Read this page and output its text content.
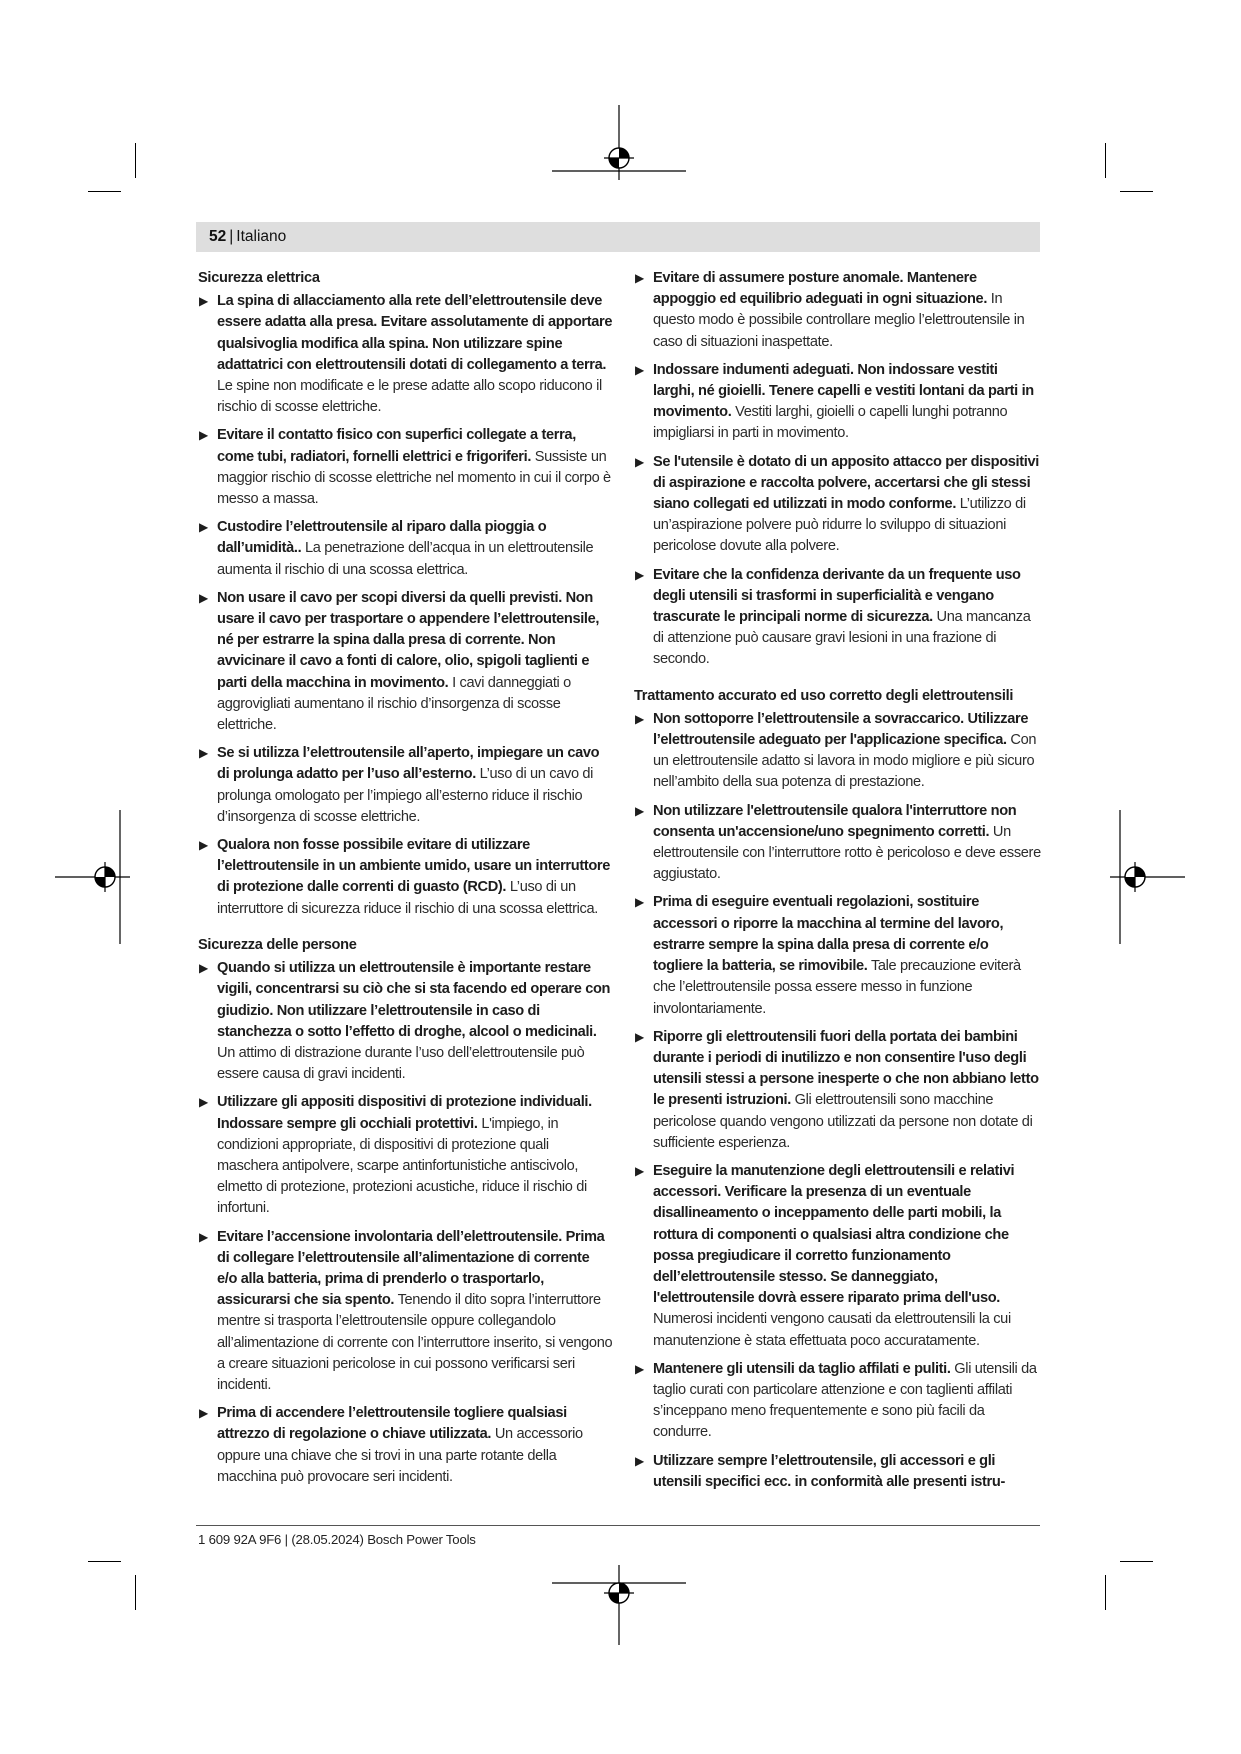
52 | Italiano
Sicurezza elettrica
▶ La spina di allacciamento alla rete dell’elettroutensile deve essere adatta alla presa. Evitare assolutamente di apportare qualsivoglia modifica alla spina. Non utilizzare spine adattatrici con elettroutensili dotati di collegamento a terra. Le spine non modificate e le prese adatte allo scopo riducono il rischio di scosse elettriche.
▶ Evitare il contatto fisico con superfici collegate a terra, come tubi, radiatori, fornelli elettrici e frigoriferi. Sussiste un maggior rischio di scosse elettriche nel momento in cui il corpo è messo a massa.
▶ Custodire l’elettroutensile al riparo dalla pioggia o dall’umidità.. La penetrazione dell’acqua in un elettroutensile aumenta il rischio di una scossa elettrica.
▶ Non usare il cavo per scopi diversi da quelli previsti. Non usare il cavo per trasportare o appendere l’elettroutensile, né per estrarre la spina dalla presa di corrente. Non avvicinare il cavo a fonti di calore, olio, spigoli taglienti e parti della macchina in movimento. I cavi danneggiati o aggrovigliati aumentano il rischio d’insorgenza di scosse elettriche.
▶ Se si utilizza l’elettroutensile all’aperto, impiegare un cavo di prolunga adatto per l’uso all’esterno. L’uso di un cavo di prolunga omologato per l’impiego all’esterno riduce il rischio d’insorgenza di scosse elettriche.
▶ Qualora non fosse possibile evitare di utilizzare l’elettroutensile in un ambiente umido, usare un interruttore di protezione dalle correnti di guasto (RCD). L’uso di un interruttore di sicurezza riduce il rischio di una scossa elettrica.
Sicurezza delle persone
▶ Quando si utilizza un elettroutensile è importante restare vigili, concentrarsi su ciò che si sta facendo ed operare con giudizio. Non utilizzare l’elettroutensile in caso di stanchezza o sotto l’effetto di droghe, alcool o medicinali. Un attimo di distrazione durante l’uso dell’elettroutensile può essere causa di gravi incidenti.
▶ Utilizzare gli appositi dispositivi di protezione individuali. Indossare sempre gli occhiali protettivi. L'impiego, in condizioni appropriate, di dispositivi di protezione quali maschera antipolvere, scarpe antinfortunistiche antiscivolo, elmetto di protezione, protezioni acustiche, riduce il rischio di infortuni.
▶ Evitare l’accensione involontaria dell’elettroutensile. Prima di collegare l’elettroutensile all’alimentazione di corrente e/o alla batteria, prima di prenderlo o trasportarlo, assicurarsi che sia spento. Tenendo il dito sopra l’interruttore mentre si trasporta l’elettroutensile oppure collegandolo all’alimentazione di corrente con l’interruttore inserito, si vengono a creare situazioni pericolose in cui possono verificarsi seri incidenti.
▶ Prima di accendere l’elettroutensile togliere qualsiasi attrezzo di regolazione o chiave utilizzata. Un accessorio oppure una chiave che si trovi in una parte rotante della macchina può provocare seri incidenti.
▶ Evitare di assumere posture anomale. Mantenere appoggio ed equilibrio adeguati in ogni situazione. In questo modo è possibile controllare meglio l’elettroutensile in caso di situazioni inaspettate.
▶ Indossare indumenti adeguati. Non indossare vestiti larghi, né gioielli. Tenere capelli e vestiti lontani da parti in movimento. Vestiti larghi, gioielli o capelli lunghi potranno impigliarsi in parti in movimento.
▶ Se l'utensile è dotato di un apposito attacco per dispositivi di aspirazione e raccolta polvere, accertarsi che gli stessi siano collegati ed utilizzati in modo conforme. L’utilizzo di un’aspirazione polvere può ridurre lo sviluppo di situazioni pericolose dovute alla polvere.
▶ Evitare che la confidenza derivante da un frequente uso degli utensili si trasformi in superficialità e vengano trascurate le principali norme di sicurezza. Una mancanza di attenzione può causare gravi lesioni in una frazione di secondo.
Trattamento accurato ed uso corretto degli elettroutensili
▶ Non sottoporre l’elettroutensile a sovraccarico. Utilizzare l’elettroutensile adeguato per l'applicazione specifica. Con un elettroutensile adatto si lavora in modo migliore e più sicuro nell’ambito della sua potenza di prestazione.
▶ Non utilizzare l'elettroutensile qualora l'interruttore non consenta un'accensione/uno spegnimento corretti. Un elettroutensile con l’interruttore rotto è pericoloso e deve essere aggiustato.
▶ Prima di eseguire eventuali regolazioni, sostituire accessori o riporre la macchina al termine del lavoro, estrarre sempre la spina dalla presa di corrente e/o togliere la batteria, se rimovibile. Tale precauzione eviterà che l’elettroutensile possa essere messo in funzione involontariamente.
▶ Riporre gli elettroutensili fuori della portata dei bambini durante i periodi di inutilizzo e non consentire l'uso degli utensili stessi a persone inesperte o che non abbiano letto le presenti istruzioni. Gli elettroutensili sono macchine pericolose quando vengono utilizzati da persone non dotate di sufficiente esperienza.
▶ Eseguire la manutenzione degli elettroutensili e relativi accessori. Verificare la presenza di un eventuale disallineamento o inceppamento delle parti mobili, la rottura di componenti o qualsiasi altra condizione che possa pregiudicare il corretto funzionamento dell’elettroutensile stesso. Se danneggiato, l'elettroutensile dovrà essere riparato prima dell'uso. Numerosi incidenti vengono causati da elettroutensili la cui manutenzione è stata effettuata poco accuratamente.
▶ Mantenere gli utensili da taglio affilati e puliti. Gli utensili da taglio curati con particolare attenzione e con taglienti affilati s’inceppano meno frequentemente e sono più facili da condurre.
▶ Utilizzare sempre l’elettroutensile, gli accessori e gli utensili specifici ecc. in conformità alle presenti istru-
1 609 92A 9F6 | (28.05.2024) Bosch Power Tools
